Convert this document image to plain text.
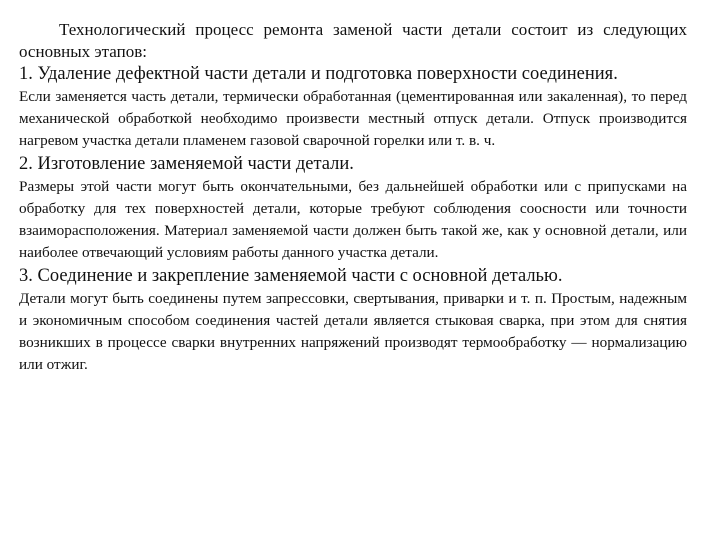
Технологический процесс ремонта заменой части детали состоит из следующих основных этапов:

1. Удаление дефектной части детали и подготовка поверхности соединения.

Если заменяется часть детали, термически обработанная (цементированная или закаленная), то перед механической обработкой необходимо произвести местный отпуск детали. Отпуск производится нагревом участка детали пламенем газовой сварочной горелки или т. в. ч.

2. Изготовление заменяемой части детали.

Размеры этой части могут быть окончательными, без дальнейшей обработки или с припусками на обработку для тех поверхностей детали, которые требуют соблюдения соосности или точности взаиморасположения. Материал заменяемой части должен быть такой же, как у основной детали, или наиболее отвечающий условиям работы данного участка детали.

3. Соединение и закрепление заменяемой части с основной деталью.

Детали могут быть соединены путем запрессовки, свертывания, приварки и т. п. Простым, надежным и экономичным способом соединения частей детали является стыковая сварка, при этом для снятия возникших в процессе сварки внутренних напряжений производят термообработку — нормализацию или отжиг.
